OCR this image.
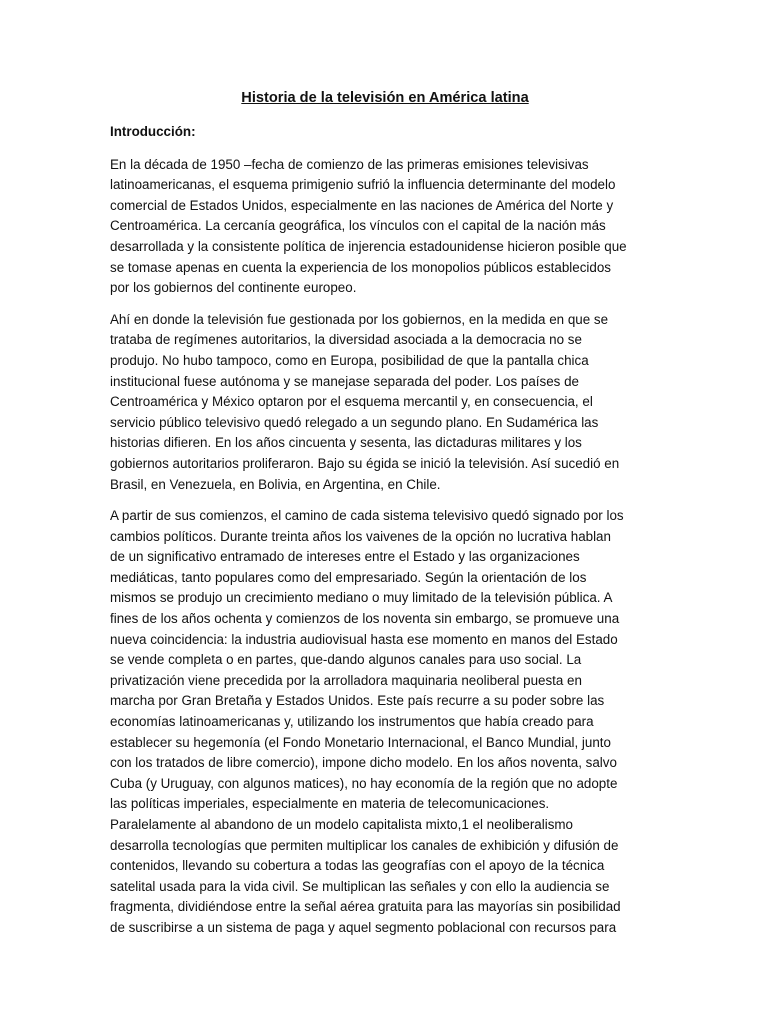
Historia de la televisión en América latina
Introducción:
En la década de 1950 –fecha de comienzo de las primeras emisiones televisivas
latinoamericanas, el esquema primigenio sufrió la influencia determinante del modelo
comercial de Estados Unidos, especialmente en las naciones de América del Norte y
Centroamérica. La cercanía geográfica, los vínculos con el capital de la nación más
desarrollada y la consistente política de injerencia estadounidense hicieron posible que
se tomase apenas en cuenta la experiencia de los monopolios públicos establecidos
por los gobiernos del continente europeo.
Ahí en donde la televisión fue gestionada por los gobiernos, en la medida en que se
trataba de regímenes autoritarios, la diversidad asociada a la democracia no se
produjo. No hubo tampoco, como en Europa, posibilidad de que la pantalla chica
institucional fuese autónoma y se manejase separada del poder. Los países de
Centroamérica y México optaron por el esquema mercantil y, en consecuencia, el
servicio público televisivo quedó relegado a un segundo plano. En Sudamérica las
historias difieren. En los años cincuenta y sesenta, las dictaduras militares y los
gobiernos autoritarios proliferaron. Bajo su égida se inició la televisión. Así sucedió en
Brasil, en Venezuela, en Bolivia, en Argentina, en Chile.
A partir de sus comienzos, el camino de cada sistema televisivo quedó signado por los
cambios políticos. Durante treinta años los vaivenes de la opción no lucrativa hablan
de un significativo entramado de intereses entre el Estado y las organizaciones
mediáticas, tanto populares como del empresariado. Según la orientación de los
mismos se produjo un crecimiento mediano o muy limitado de la televisión pública. A
fines de los años ochenta y comienzos de los noventa sin embargo, se promueve una
nueva coincidencia: la industria audiovisual hasta ese momento en manos del Estado
se vende completa o en partes, que-dando algunos canales para uso social. La
privatización viene precedida por la arrolladora maquinaria neoliberal puesta en
marcha por Gran Bretaña y Estados Unidos. Este país recurre a su poder sobre las
economías latinoamericanas y, utilizando los instrumentos que había creado para
establecer su hegemonía (el Fondo Monetario Internacional, el Banco Mundial, junto
con los tratados de libre comercio), impone dicho modelo. En los años noventa, salvo
Cuba (y Uruguay, con algunos matices), no hay economía de la región que no adopte
las políticas imperiales, especialmente en materia de telecomunicaciones.
Paralelamente al abandono de un modelo capitalista mixto,1 el neoliberalismo
desarrolla tecnologías que permiten multiplicar los canales de exhibición y difusión de
contenidos, llevando su cobertura a todas las geografías con el apoyo de la técnica
satelital usada para la vida civil. Se multiplican las señales y con ello la audiencia se
fragmenta, dividiéndose entre la señal aérea gratuita para las mayorías sin posibilidad
de suscribirse a un sistema de paga y aquel segmento poblacional con recursos para
